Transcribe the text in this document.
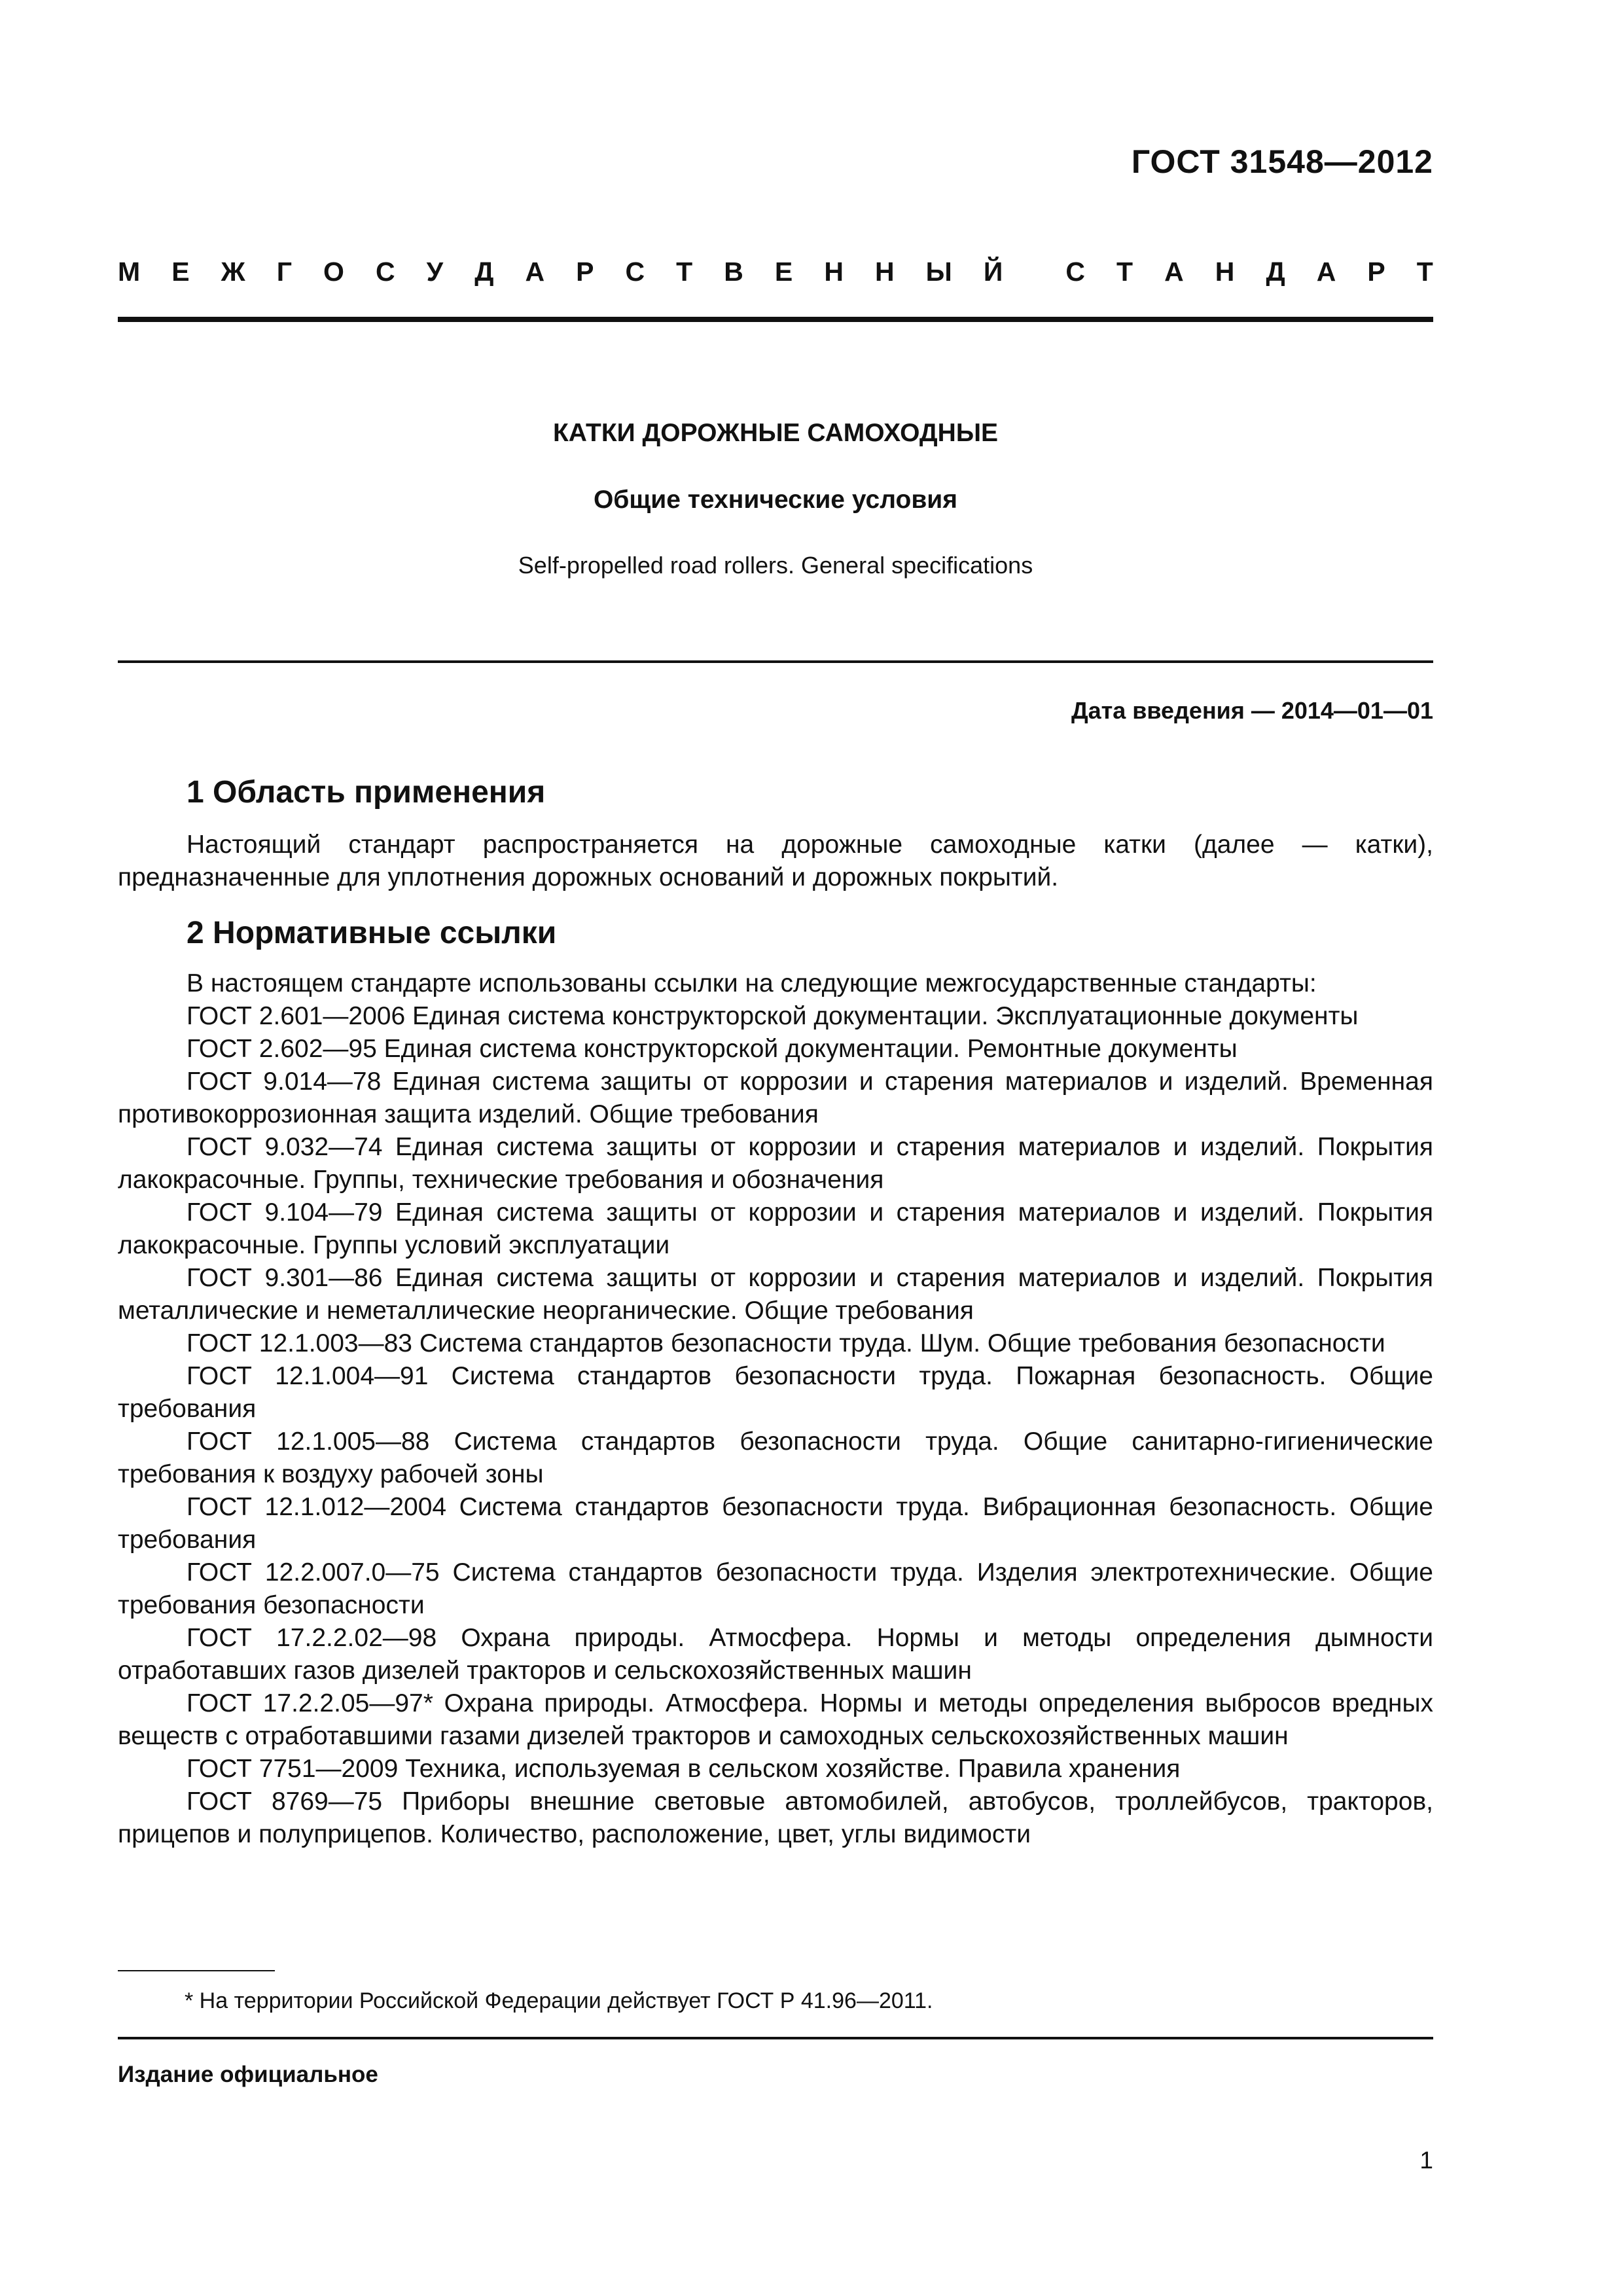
ГОСТ 31548—2012
М Е Ж Г О С У Д А Р С Т В Е Н Н Ы Й С Т А Н Д А Р Т
КАТКИ ДОРОЖНЫЕ САМОХОДНЫЕ
Общие технические условия
Self-propelled road rollers. General specifications
Дата введения — 2014—01—01
1 Область применения

Настоящий стандарт распространяется на дорожные самоходные катки (далее — катки), предназначенные для уплотнения дорожных оснований и дорожных покрытий.

2 Нормативные ссылки

В настоящем стандарте использованы ссылки на следующие межгосударственные стандарты:

ГОСТ 2.601—2006 Единая система конструкторской документации. Эксплуатационные документы

ГОСТ 2.602—95 Единая система конструкторской документации. Ремонтные документы

ГОСТ 9.014—78 Единая система защиты от коррозии и старения материалов и изделий. Временная противокоррозионная защита изделий. Общие требования

ГОСТ 9.032—74 Единая система защиты от коррозии и старения материалов и изделий. Покрытия лакокрасочные. Группы, технические требования и обозначения

ГОСТ 9.104—79 Единая система защиты от коррозии и старения материалов и изделий. Покрытия лакокрасочные. Группы условий эксплуатации

ГОСТ 9.301—86 Единая система защиты от коррозии и старения материалов и изделий. Покрытия металлические и неметаллические неорганические. Общие требования

ГОСТ 12.1.003—83 Система стандартов безопасности труда. Шум. Общие требования безопасности

ГОСТ 12.1.004—91 Система стандартов безопасности труда. Пожарная безопасность. Общие требования

ГОСТ 12.1.005—88 Система стандартов безопасности труда. Общие санитарно-гигиенические требования к воздуху рабочей зоны

ГОСТ 12.1.012—2004 Система стандартов безопасности труда. Вибрационная безопасность. Общие требования

ГОСТ 12.2.007.0—75 Система стандартов безопасности труда. Изделия электротехнические. Общие требования безопасности

ГОСТ 17.2.2.02—98 Охрана природы. Атмосфера. Нормы и методы определения дымности отработавших газов дизелей тракторов и сельскохозяйственных машин

ГОСТ 17.2.2.05—97* Охрана природы. Атмосфера. Нормы и методы определения выбросов вредных веществ с отработавшими газами дизелей тракторов и самоходных сельскохозяйственных машин

ГОСТ 7751—2009 Техника, используемая в сельском хозяйстве. Правила хранения

ГОСТ 8769—75 Приборы внешние световые автомобилей, автобусов, троллейбусов, тракторов, прицепов и полуприцепов. Количество, расположение, цвет, углы видимости

* На территории Российской Федерации действует ГОСТ Р 41.96—2011.
Издание официальное
1
